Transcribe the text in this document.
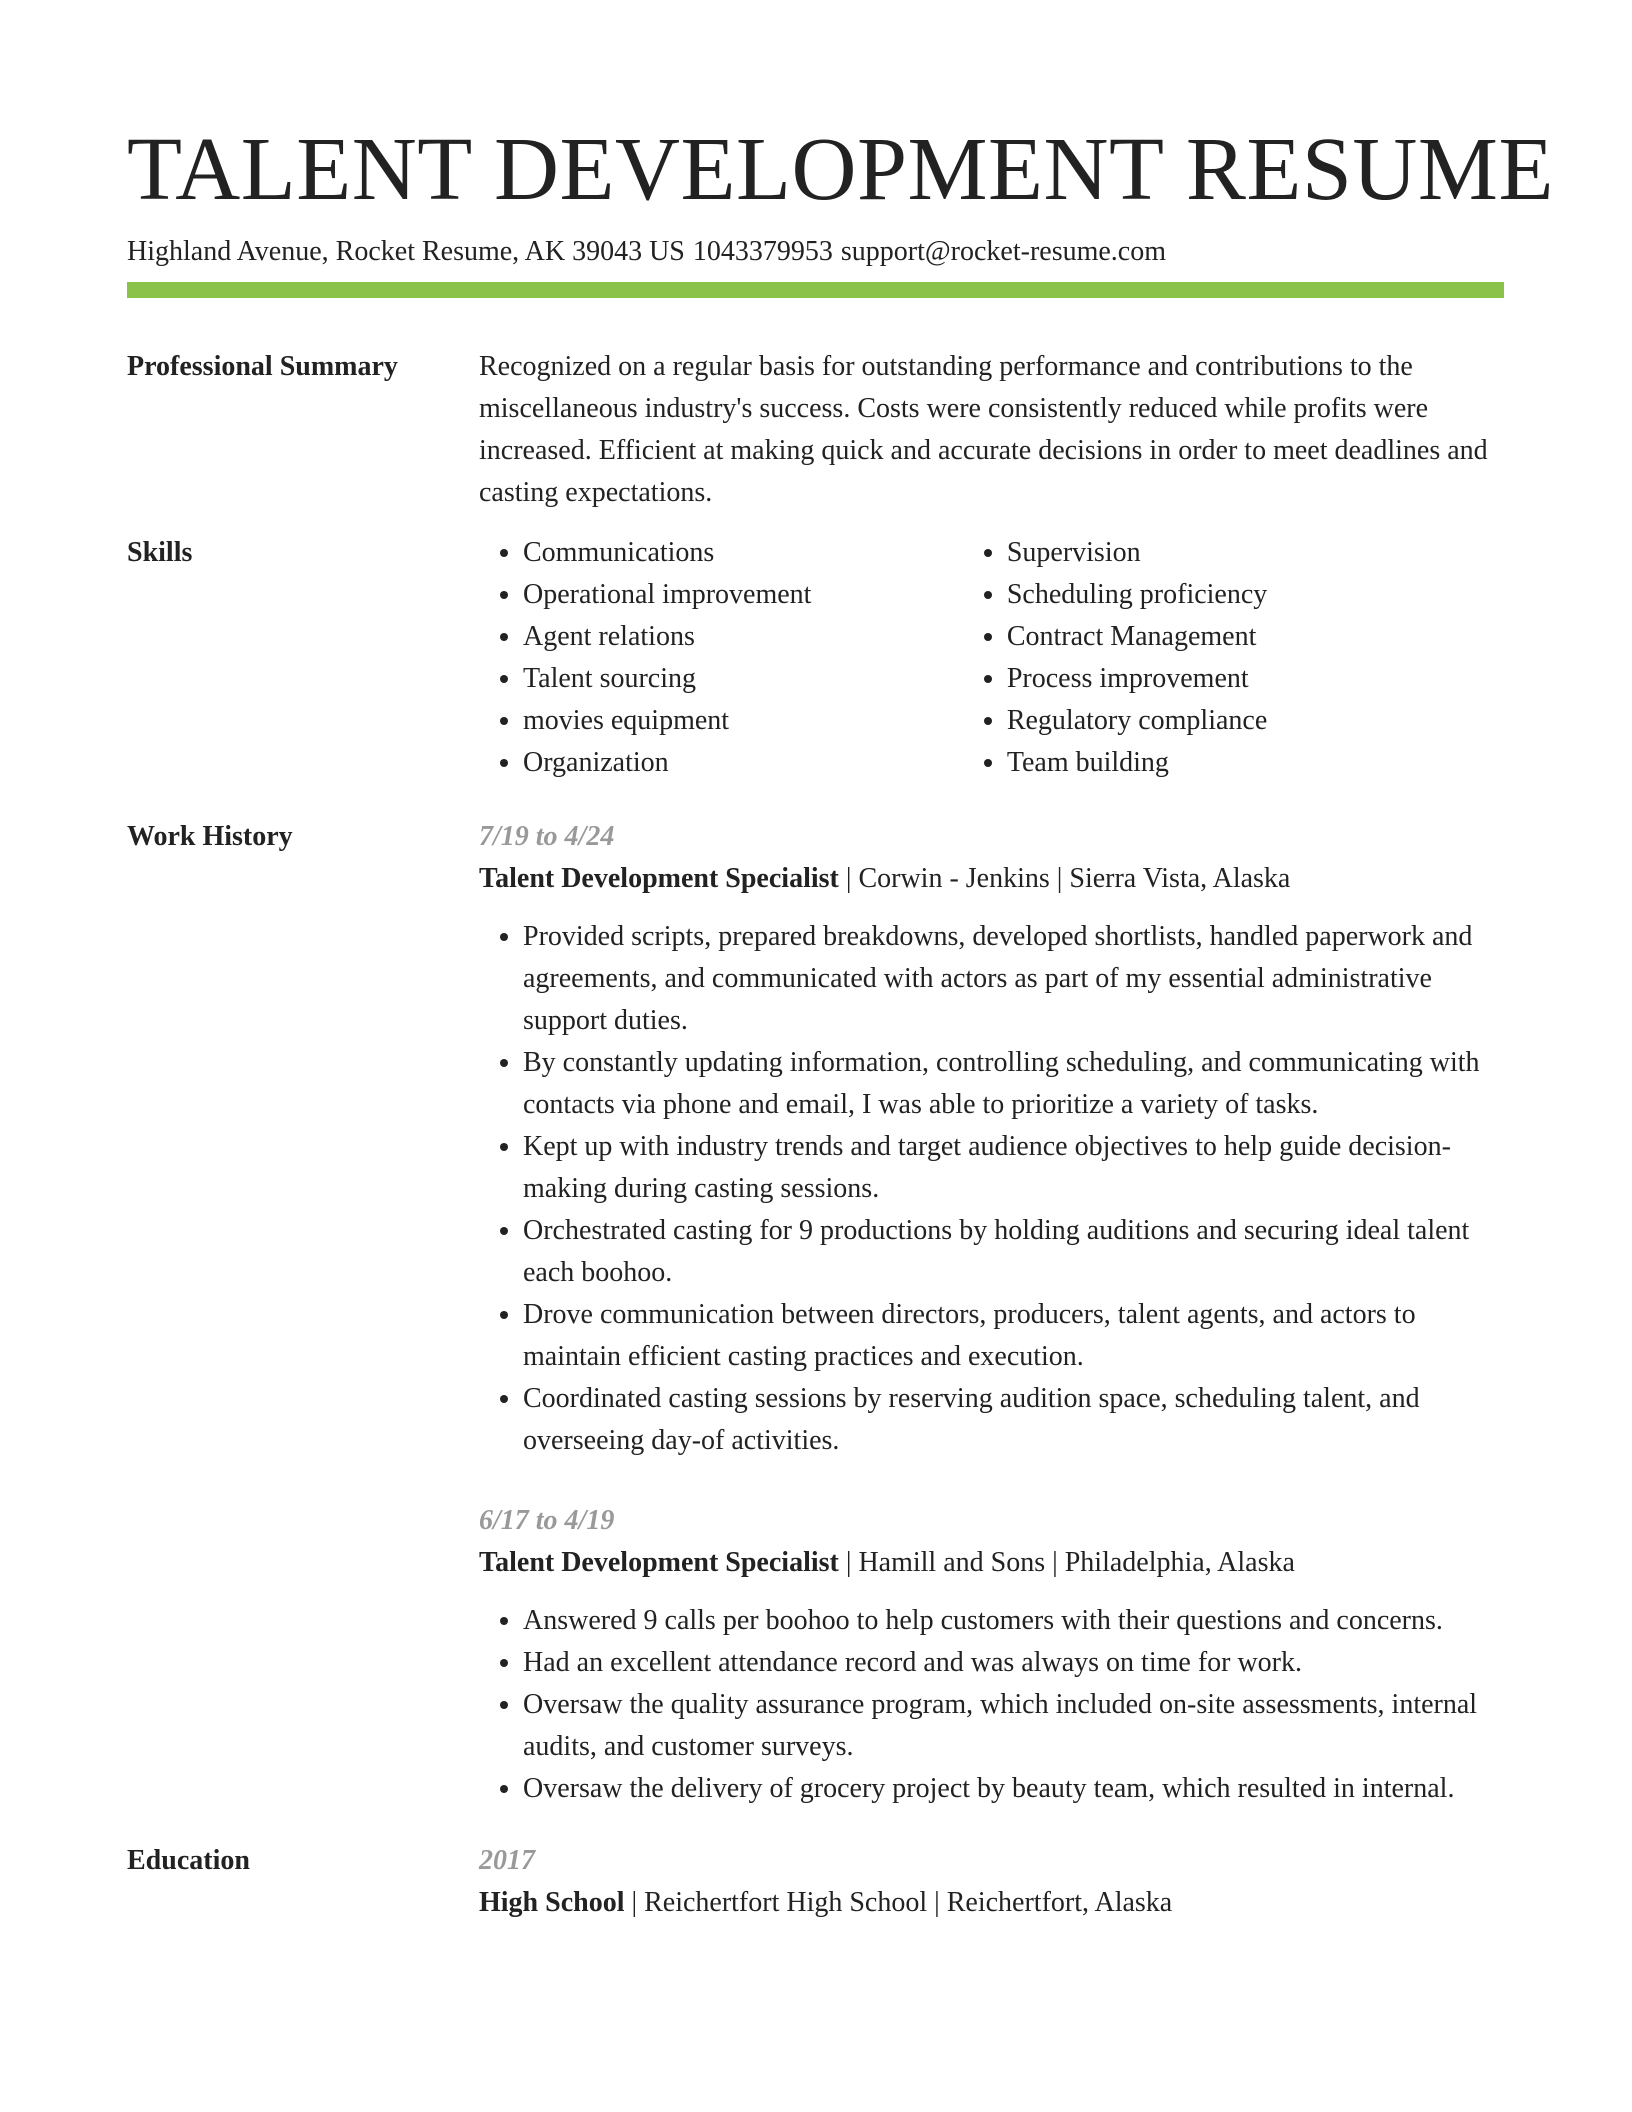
TALENT DEVELOPMENT RESUME
Highland Avenue, Rocket Resume, AK 39043 US 1043379953 support@rocket-resume.com
Professional Summary	Recognized on a regular basis for outstanding performance and contributions to the miscellaneous industry's success. Costs were consistently reduced while profits were increased. Efficient at making quick and accurate decisions in order to meet deadlines and casting expectations.
Skills
•	Communications
• Operational improvement
• Agent relations
• Talent sourcing
• movies equipment
• Organization
• Supervision
• Scheduling proficiency
• Contract Management
• Process improvement
• Regulatory compliance
• Team building
Work History	7/19 to 4/24
Talent Development Specialist | Corwin - Jenkins | Sierra Vista, Alaska
• Provided scripts, prepared breakdowns, developed shortlists, handled paperwork and agreements, and communicated with actors as part of my essential administrative support duties.
• By constantly updating information, controlling scheduling, and communicating with contacts via phone and email, I was able to prioritize a variety of tasks.
• Kept up with industry trends and target audience objectives to help guide decision-making during casting sessions.
• Orchestrated casting for 9 productions by holding auditions and securing ideal talent each boohoo.
• Drove communication between directors, producers, talent agents, and actors to maintain efficient casting practices and execution.
• Coordinated casting sessions by reserving audition space, scheduling talent, and overseeing day-of activities.
6/17 to 4/19
Talent Development Specialist | Hamill and Sons | Philadelphia, Alaska
• Answered 9 calls per boohoo to help customers with their questions and concerns.
• Had an excellent attendance record and was always on time for work.
• Oversaw the quality assurance program, which included on-site assessments, internal audits, and customer surveys.
• Oversaw the delivery of grocery project by beauty team, which resulted in internal.
Education	2017
High School | Reichertfort High School | Reichertfort, Alaska
